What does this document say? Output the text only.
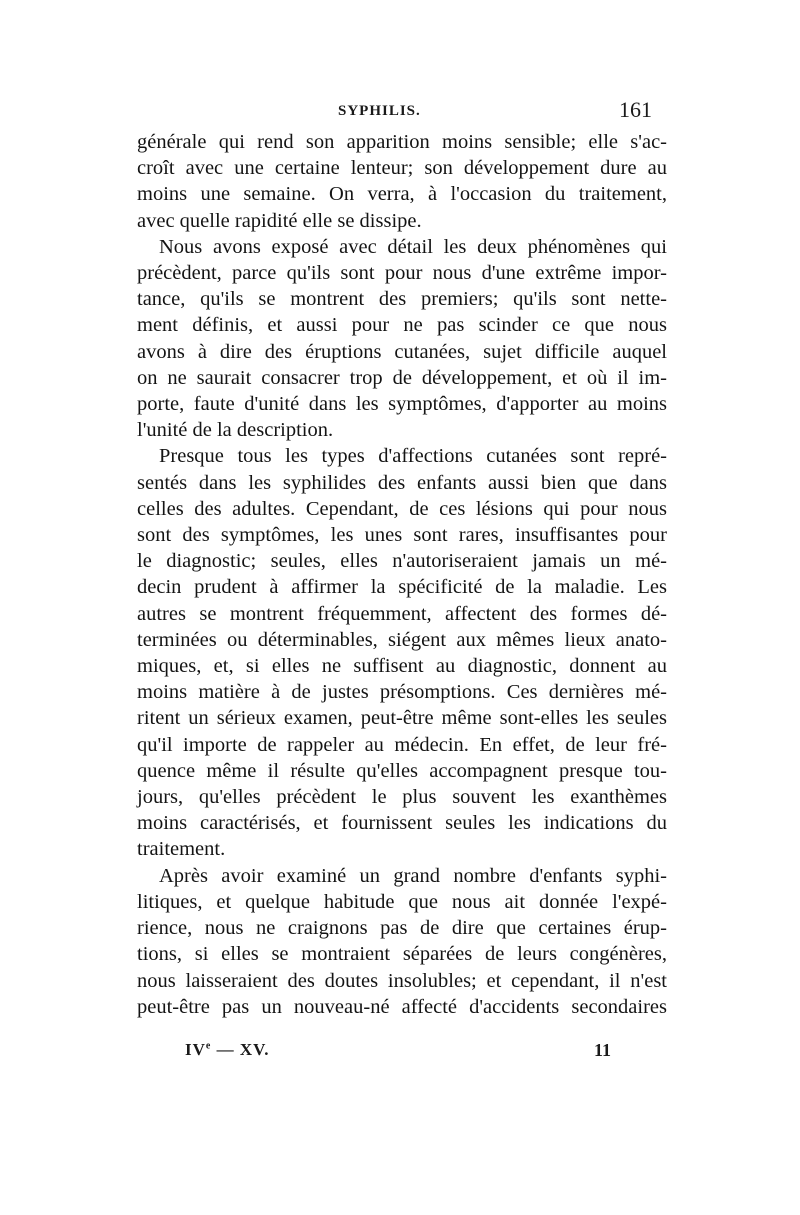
SYPHILIS.	161

générale qui rend son apparition moins sensible; elle s'ac-
croît avec une certaine lenteur; son développement dure au
moins une semaine. On verra, à l'occasion du traitement,
avec quelle rapidité elle se dissipe.

Nous avons exposé avec détail les deux phénomènes qui
précèdent, parce qu'ils sont pour nous d'une extrême impor-
tance, qu'ils se montrent des premiers; qu'ils sont nette-
ment définis, et aussi pour ne pas scinder ce que nous
avons à dire des éruptions cutanées, sujet difficile auquel
on ne saurait consacrer trop de développement, et où il im-
porte, faute d'unité dans les symptômes, d'apporter au moins
l'unité de la description.

Presque tous les types d'affections cutanées sont repré-
sentés dans les syphilides des enfants aussi bien que dans
celles des adultes. Cependant, de ces lésions qui pour nous
sont des symptômes, les unes sont rares, insuffisantes pour
le diagnostic; seules, elles n'autoriseraient jamais un mé-
decin prudent à affirmer la spécificité de la maladie. Les
autres se montrent fréquemment, affectent des formes dé-
terminées ou déterminables, siégent aux mêmes lieux anato-
miques, et, si elles ne suffisent au diagnostic, donnent au
moins matière à de justes présomptions. Ces dernières mé-
ritent un sérieux examen, peut-être même sont-elles les seules
qu'il importe de rappeler au médecin. En effet, de leur fré-
quence même il résulte qu'elles accompagnent presque tou-
jours, qu'elles précèdent le plus souvent les exanthèmes
moins caractérisés, et fournissent seules les indications du
traitement.

Après avoir examiné un grand nombre d'enfants syphi-
litiques, et quelque habitude que nous ait donnée l'expé-
rience, nous ne craignons pas de dire que certaines érup-
tions, si elles se montraient séparées de leurs congénères,
nous laisseraient des doutes insolubles; et cependant, il n'est
peut-être pas un nouveau-né affecté d'accidents secondaires

IVe — XV.	11
